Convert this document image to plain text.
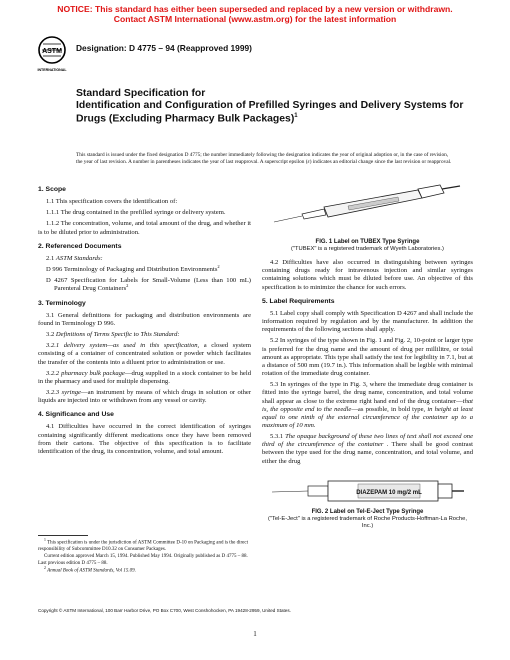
NOTICE: This standard has either been superseded and replaced by a new version or withdrawn.
Contact ASTM International (www.astm.org) for the latest information
ASTM
INTERNATIONAL
Designation: D 4775 – 94 (Reapproved 1999)
Standard Specification for
Identification and Configuration of Prefilled Syringes and Delivery Systems for Drugs (Excluding Pharmacy Bulk Packages)$^1$
This standard is issued under the fixed designation D 4775; the number immediately following the designation indicates the year of original adoption or, in the case of revision, the year of last revision. A number in parentheses indicates the year of last reapproval. A superscript epsilon (ε) indicates an editorial change since the last revision or reapproval.
1. Scope

1.1 This specification covers the identification of:

1.1.1 The drug contained in the prefilled syringe or delivery system.

1.1.2 The concentration, volume, and total amount of the drug, and whether it is to be diluted prior to administration.

2. Referenced Documents

2.1 ASTM Standards:

D 996 Terminology of Packaging and Distribution Environments$^2$

D 4267 Specification for Labels for Small-Volume (Less than 100 mL) Parenteral Drug Containers$^2$

3. Terminology

3.1 General definitions for packaging and distribution environments are found in Terminology D 996.

3.2 Definitions of Terms Specific to This Standard:

3.2.1 delivery system—as used in this specification, a closed system consisting of a container of concentrated solution or powder which facilitates the transfer of the contents into a diluent prior to administration or use.

3.2.2 pharmacy bulk package—drug supplied in a stock container to be held in the pharmacy and used for multiple dispensing.

3.2.3 syringe—an instrument by means of which drugs in solution or other liquids are injected into or withdrawn from any vessel or cavity.

4. Significance and Use

4.1 Difficulties have occurred in the correct identification of syringes containing significantly different medications once they have been removed from their cartons. The objective of this specification is to facilitate identification of the drug, its concentration, volume, and total amount.

FIG. 1 Label on TUBEX Type Syringe
("TUBEX" is a registered trademark of Wyeth Laboratories.)

4.2 Difficulties have also occurred in distinguishing between syringes containing drugs ready for intravenous injection and similar syringes containing solutions which must be diluted before use. An objective of this specification is to minimize the chance for such errors.

5. Label Requirements

5.1 Label copy shall comply with Specification D 4267 and shall include the information required by regulation and by the manufacturer. In addition the requirements of the following sections shall apply.

5.2 In syringes of the type shown in Fig. 1 and Fig. 2, 10-point or larger type is preferred for the drug name and the amount of drug per millilitre, or total amount as appropriate. This type shall satisfy the test for legibility in 7.1, but at a distance of 500 mm (19.7 in.). This information shall be legible with minimal rotation of the immediate drug container.

5.3 In syringes of the type in Fig. 3, where the immediate drug container is fitted into the syringe barrel, the drug name, concentration, and total volume shall appear as close to the extreme right hand end of the drug container—that is, the opposite end to the needle—as possible, in bold type, in height at least equal to one ninth of the external circumference of the container up to a maximum of 10 mm.

5.3.1 The opaque background of these two lines of text shall not exceed one third of the circumference of the container . There shall be good contrast between the type used for the drug name, concentration, and total volume, and either the drug

DIAZEPAM 10 mg/2 mL
FIG. 2 Label on Tel-E-Ject Type Syringe
("Tel-E-Ject" is a registered trademark of Roche Products-Hoffman-La Roche, Inc.)

$^1$ This specification is under the jurisdiction of ASTM Committee D-10 on Packaging and is the direct responsibility of Subcommittee D10.32 on Consumer Packages.

Current edition approved March 15, 1994. Published May 1994. Originally published as D 4775 – 88. Last previous edition D 4775 – 88.

$^2$ Annual Book of ASTM Standards, Vol 15.09.

Copyright © ASTM International, 100 Barr Harbor Drive, PO Box C700, West Conshohocken, PA 19428-2959, United States.
1
